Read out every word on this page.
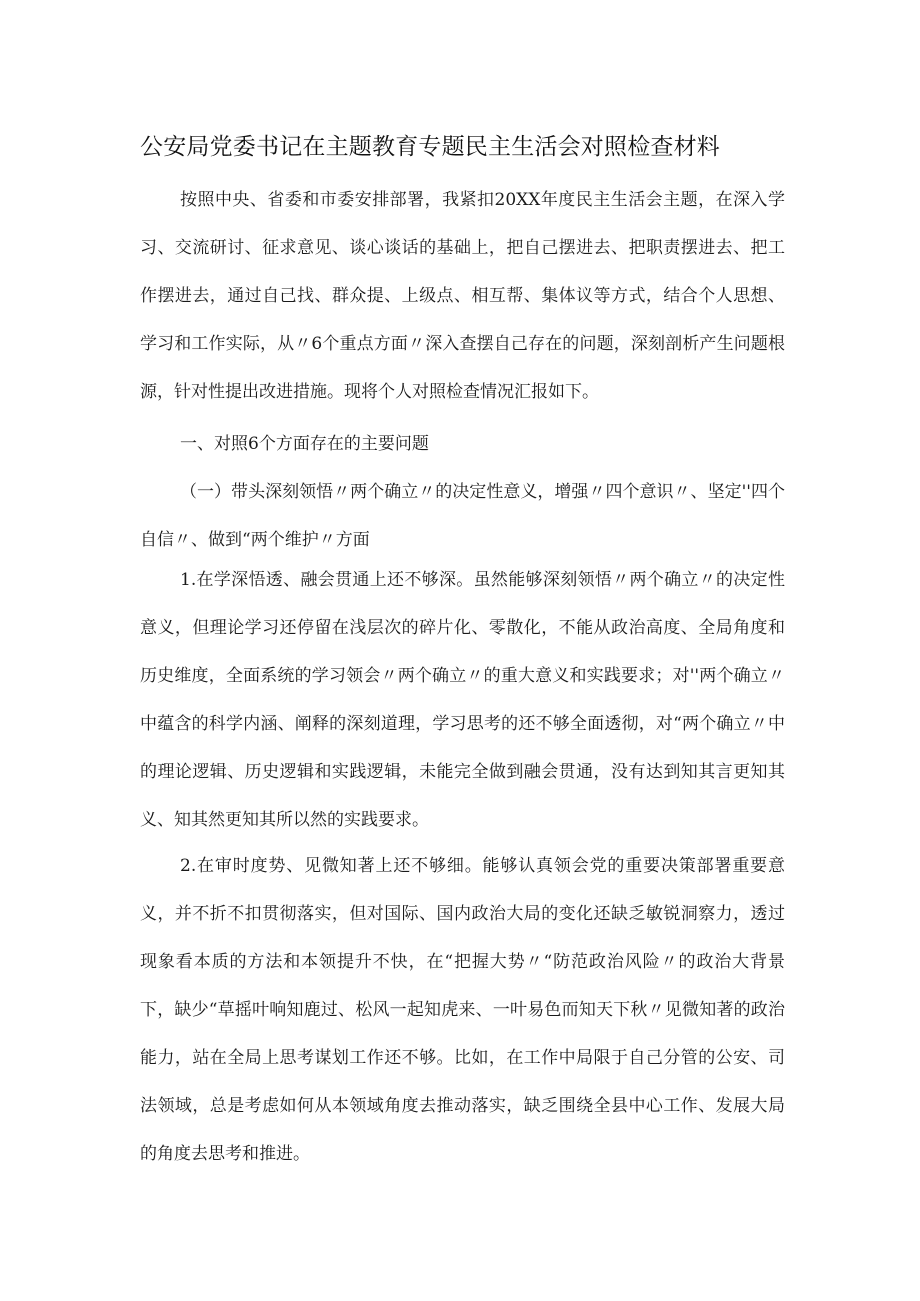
公安局党委书记在主题教育专题民主生活会对照检查材料
按照中央、省委和市委安排部署，我紧扣20XX年度民主生活会主题，在深入学习、交流研讨、征求意见、谈心谈话的基础上，把自己摆进去、把职责摆进去、把工作摆进去，通过自己找、群众提、上级点、相互帮、集体议等方式，结合个人思想、学习和工作实际，从〃6个重点方面〃深入查摆自己存在的问题，深刻剖析产生问题根源，针对性提出改进措施。现将个人对照检查情况汇报如下。
一、对照6个方面存在的主要问题
（一）带头深刻领悟〃两个确立〃的决定性意义，增强〃四个意识〃、坚定''四个自信〃、做到“两个维护〃方面
1.在学深悟透、融会贯通上还不够深。虽然能够深刻领悟〃两个确立〃的决定性意义，但理论学习还停留在浅层次的碎片化、零散化，不能从政治高度、全局角度和历史维度，全面系统的学习领会〃两个确立〃的重大意义和实践要求；对''两个确立〃中蕴含的科学内涵、阐释的深刻道理，学习思考的还不够全面透彻，对“两个确立〃中的理论逻辑、历史逻辑和实践逻辑，未能完全做到融会贯通，没有达到知其言更知其义、知其然更知其所以然的实践要求。
2.在审时度势、见微知著上还不够细。能够认真领会党的重要决策部署重要意义，并不折不扣贯彻落实，但对国际、国内政治大局的变化还缺乏敏锐洞察力，透过现象看本质的方法和本领提升不快，在“把握大势〃“防范政治风险〃的政治大背景下，缺少“草摇叶响知鹿过、松风一起知虎来、一叶易色而知天下秋〃见微知著的政治能力，站在全局上思考谋划工作还不够。比如，在工作中局限于自己分管的公安、司法领域，总是考虑如何从本领域角度去推动落实，缺乏围绕全县中心工作、发展大局的角度去思考和推进。
